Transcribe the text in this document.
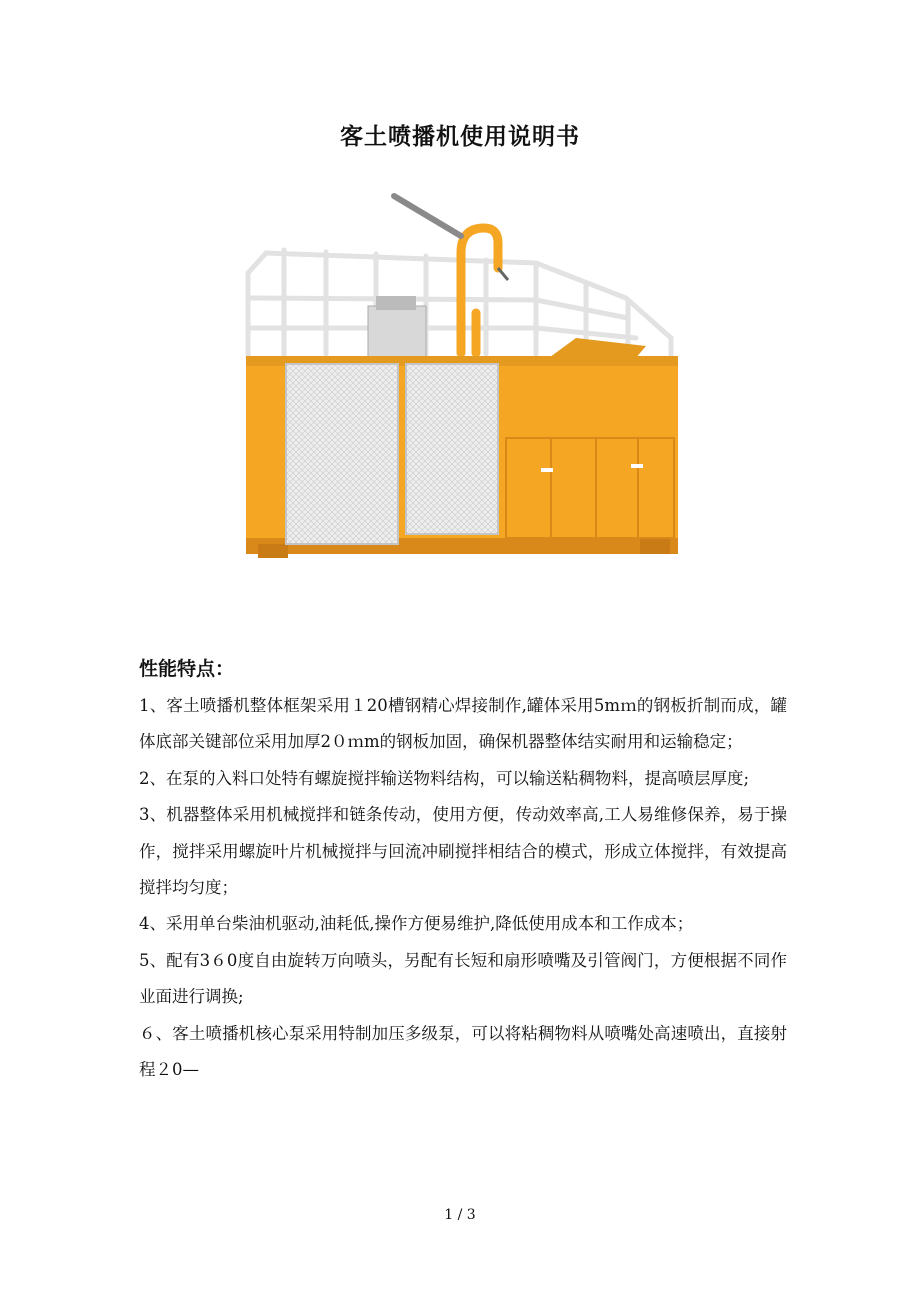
客土喷播机使用说明书
性能特点：

1、客土喷播机整体框架采用１20槽钢精心焊接制作,罐体采用5mｍ的钢板折制而成，罐体底部关键部位采用加厚2０ｍm的钢板加固，确保机器整体结实耐用和运输稳定；

2、在泵的入料口处特有螺旋搅拌输送物料结构，可以输送粘稠物料，提高喷层厚度;

3、机器整体采用机械搅拌和链条传动，使用方便，传动效率高,工人易维修保养，易于操作，搅拌采用螺旋叶片机械搅拌与回流冲刷搅拌相结合的模式，形成立体搅拌，有效提高搅拌均匀度；

4、采用单台柴油机驱动,油耗低,操作方便易维护,降低使用成本和工作成本；

5、配有3６0度自由旋转万向喷头，另配有长短和扇形喷嘴及引管阀门，方便根据不同作业面进行调换;

６、客土喷播机核心泵采用特制加压多级泵，可以将粘稠物料从喷嘴处高速喷出，直接射程２0—

1 / 3
